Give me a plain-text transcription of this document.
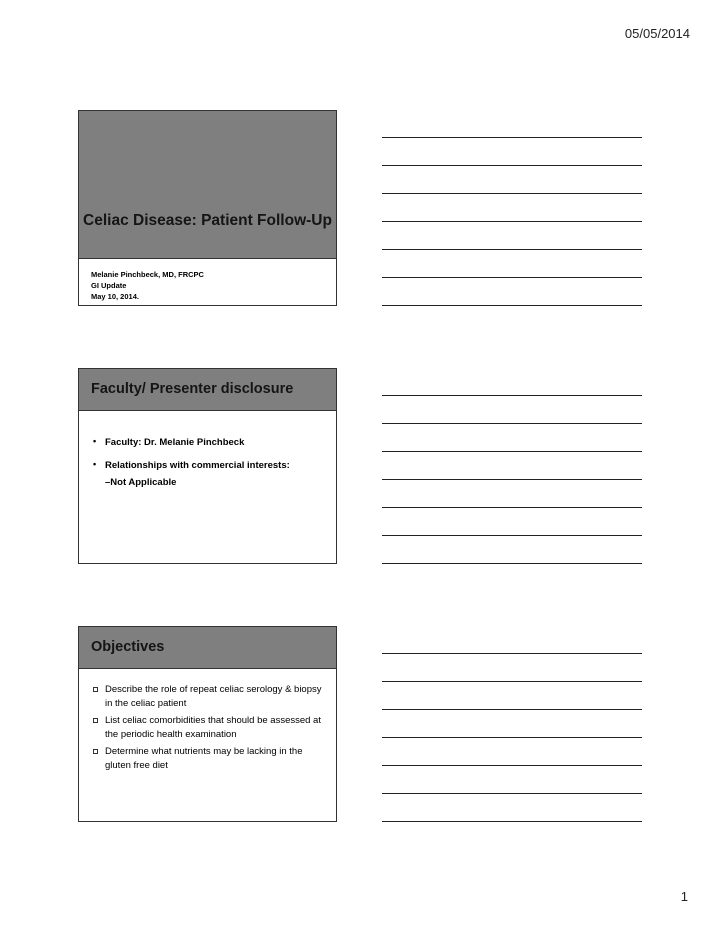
05/05/2014
Celiac Disease: Patient Follow-Up
Melanie Pinchbeck, MD, FRCPC
GI Update
May 10, 2014.
Faculty/ Presenter disclosure
• Faculty: Dr. Melanie Pinchbeck
• Relationships with commercial interests:
–Not Applicable
Objectives
Describe the role of repeat celiac serology & biopsy in the celiac patient
List celiac comorbidities that should be assessed at the periodic health examination
Determine what nutrients may be lacking in the gluten free diet
1
